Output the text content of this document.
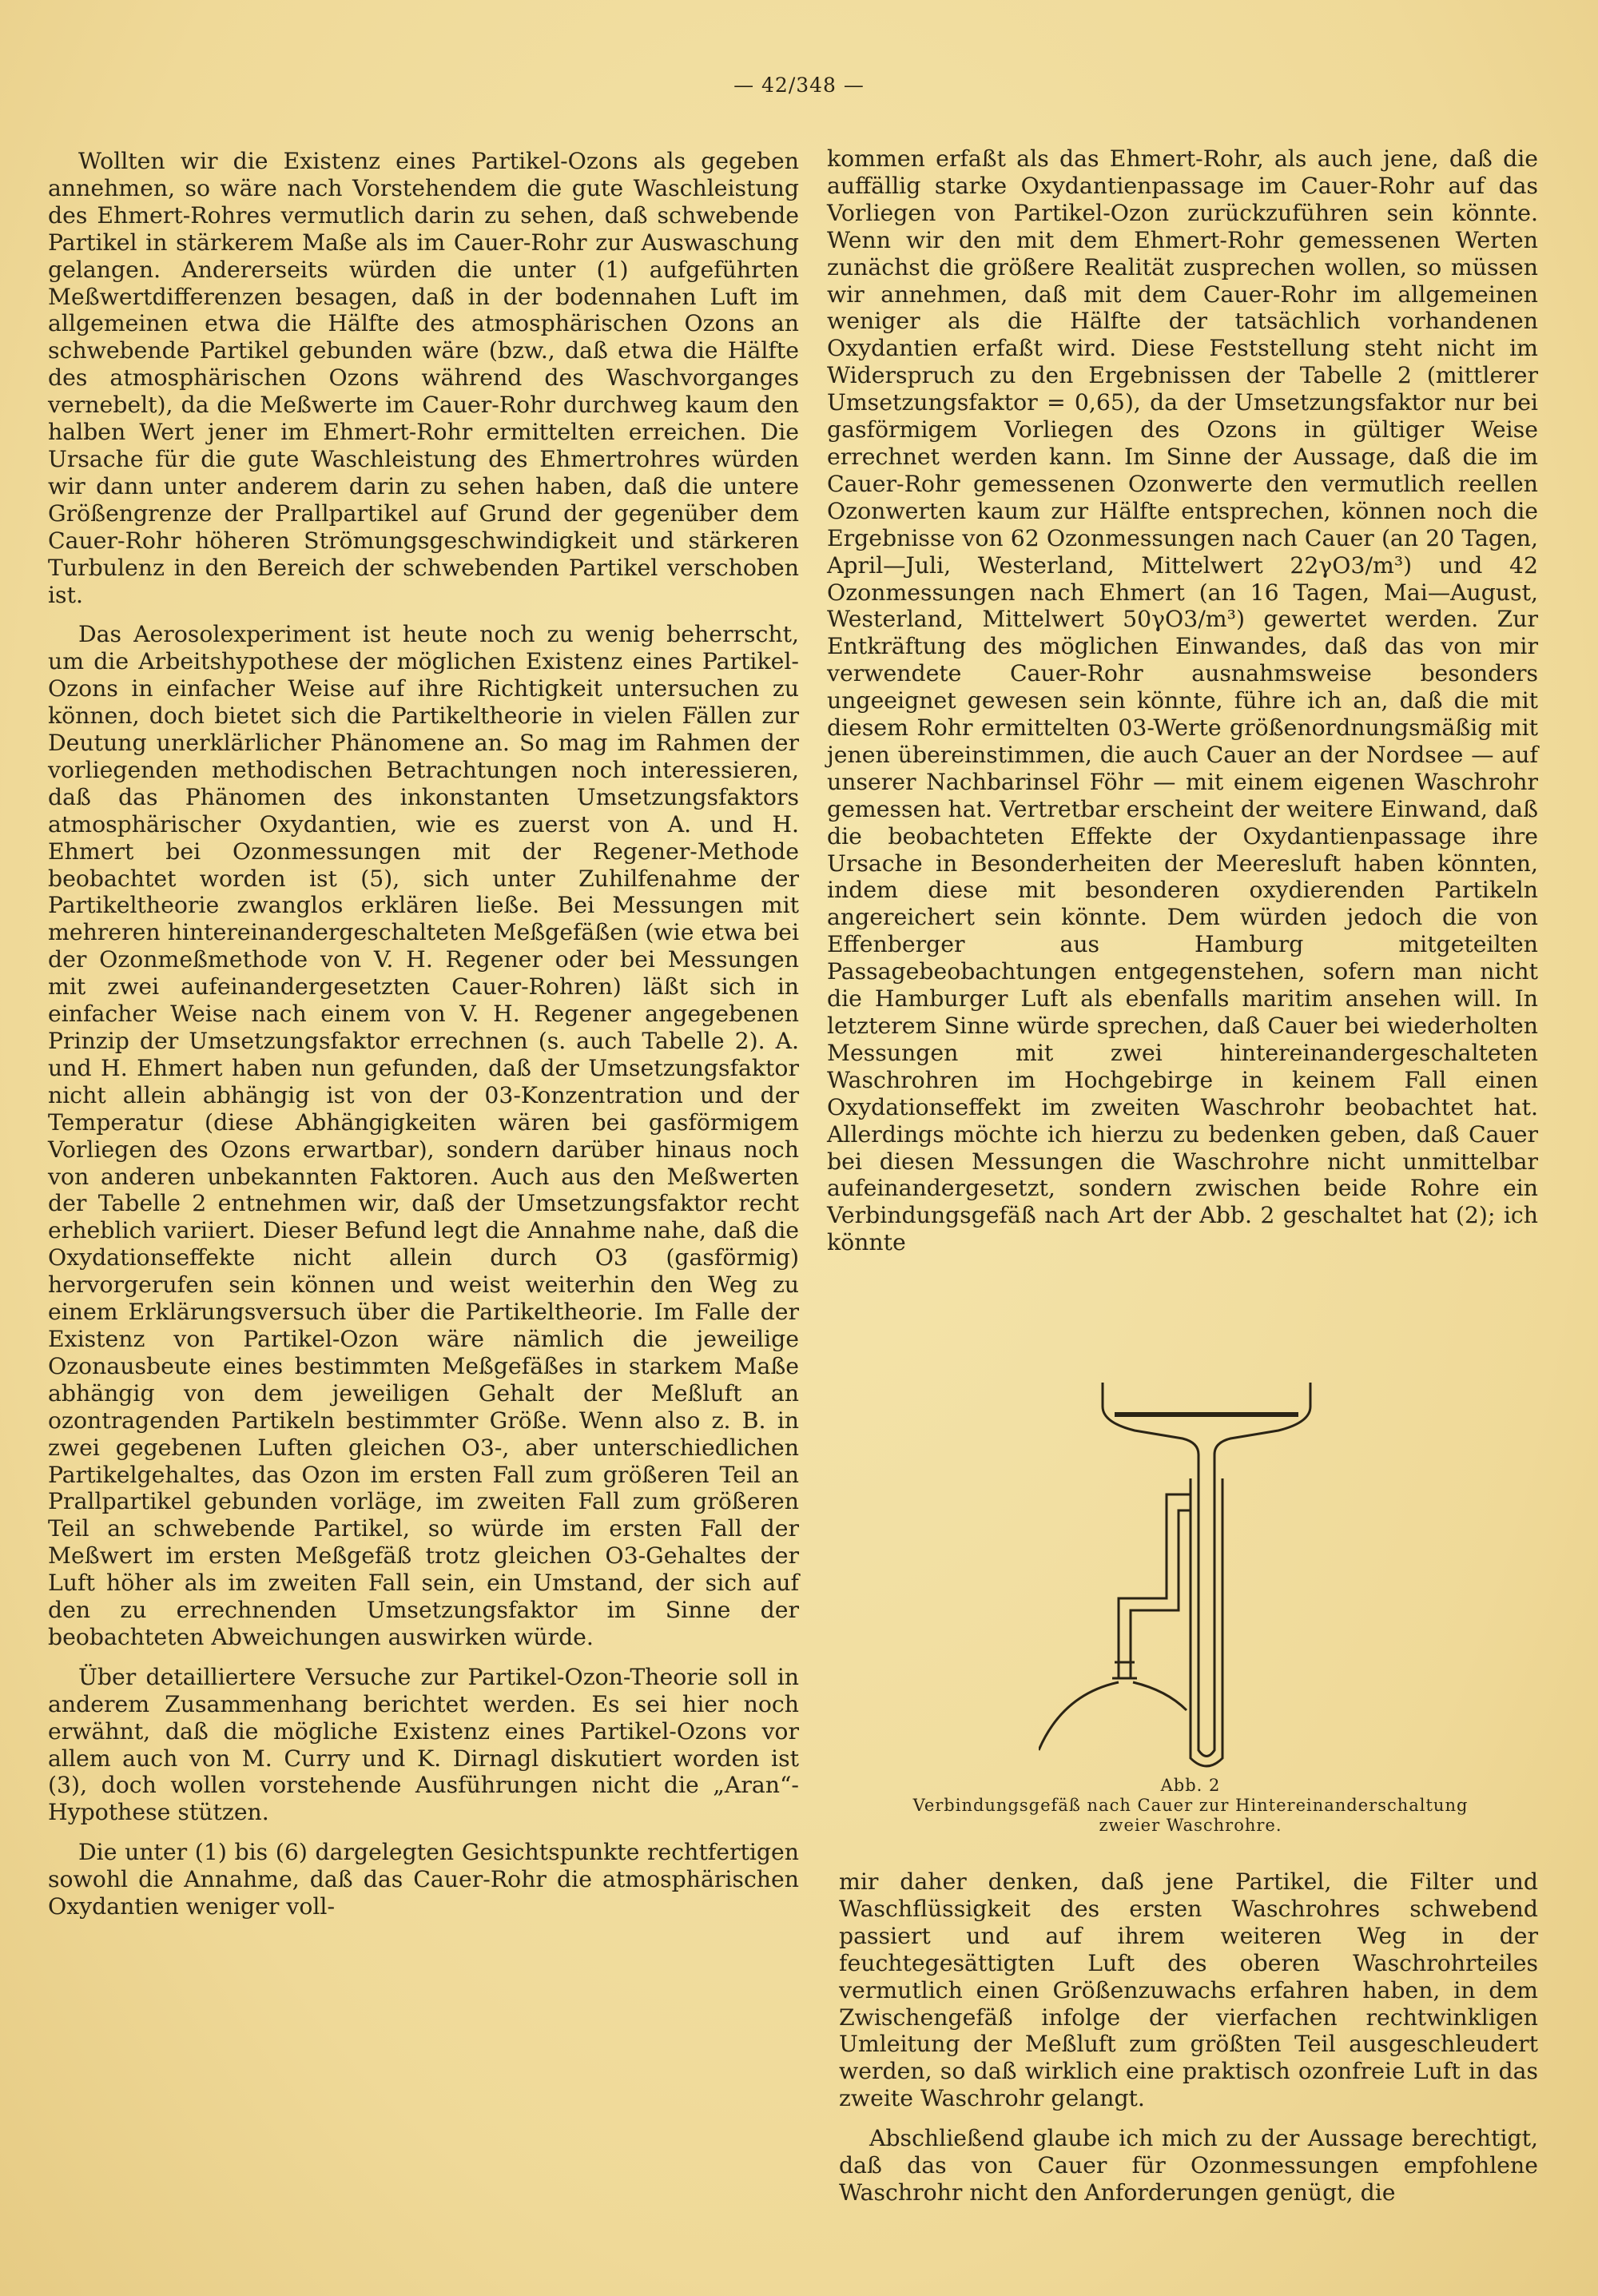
— 42/348 —

Wollten wir die Existenz eines Partikel-Ozons als gegeben annehmen, so wäre nach Vorstehendem die gute Waschleistung des Ehmert-Rohres vermutlich darin zu sehen, daß schwebende Partikel in stärkerem Maße als im Cauer-Rohr zur Auswaschung gelangen. Andererseits würden die unter (1) aufgeführten Meßwertdifferenzen besagen, daß in der bodennahen Luft im allgemeinen etwa die Hälfte des atmosphärischen Ozons an schwebende Partikel gebunden wäre (bzw., daß etwa die Hälfte des atmosphärischen Ozons während des Waschvorganges vernebelt), da die Meßwerte im Cauer-Rohr durchweg kaum den halben Wert jener im Ehmert-Rohr ermittelten erreichen. Die Ursache für die gute Waschleistung des Ehmertrohres würden wir dann unter anderem darin zu sehen haben, daß die untere Größengrenze der Prallpartikel auf Grund der gegenüber dem Cauer-Rohr höheren Strömungsgeschwindigkeit und stärkeren Turbulenz in den Bereich der schwebenden Partikel verschoben ist.

Das Aerosolexperiment ist heute noch zu wenig beherrscht, um die Arbeitshypothese der möglichen Existenz eines Partikel-Ozons in einfacher Weise auf ihre Richtigkeit untersuchen zu können, doch bietet sich die Partikeltheorie in vielen Fällen zur Deutung unerklärlicher Phänomene an. So mag im Rahmen der vorliegenden methodischen Betrachtungen noch interessieren, daß das Phänomen des inkonstanten Umsetzungsfaktors atmosphärischer Oxydantien, wie es zuerst von A. und H. Ehmert bei Ozonmessungen mit der Regener-Methode beobachtet worden ist (5), sich unter Zuhilfenahme der Partikeltheorie zwanglos erklären ließe. Bei Messungen mit mehreren hintereinandergeschalteten Meßgefäßen (wie etwa bei der Ozonmeßmethode von V. H. Regener oder bei Messungen mit zwei aufeinandergesetzten Cauer-Rohren) läßt sich in einfacher Weise nach einem von V. H. Regener angegebenen Prinzip der Umsetzungsfaktor errechnen (s. auch Tabelle 2). A. und H. Ehmert haben nun gefunden, daß der Umsetzungsfaktor nicht allein abhängig ist von der 03-Konzentration und der Temperatur (diese Abhängigkeiten wären bei gasförmigem Vorliegen des Ozons erwartbar), sondern darüber hinaus noch von anderen unbekannten Faktoren. Auch aus den Meßwerten der Tabelle 2 entnehmen wir, daß der Umsetzungsfaktor recht erheblich variiert. Dieser Befund legt die Annahme nahe, daß die Oxydationseffekte nicht allein durch O3 (gasförmig) hervorgerufen sein können und weist weiterhin den Weg zu einem Erklärungsversuch über die Partikeltheorie. Im Falle der Existenz von Partikel-Ozon wäre nämlich die jeweilige Ozonausbeute eines bestimmten Meßgefäßes in starkem Maße abhängig von dem jeweiligen Gehalt der Meßluft an ozontragenden Partikeln bestimmter Größe. Wenn also z. B. in zwei gegebenen Luften gleichen O3-, aber unterschiedlichen Partikelgehaltes, das Ozon im ersten Fall zum größeren Teil an Prallpartikel gebunden vorläge, im zweiten Fall zum größeren Teil an schwebende Partikel, so würde im ersten Fall der Meßwert im ersten Meßgefäß trotz gleichen O3-Gehaltes der Luft höher als im zweiten Fall sein, ein Umstand, der sich auf den zu errechnenden Umsetzungsfaktor im Sinne der beobachteten Abweichungen auswirken würde.

Über detailliertere Versuche zur Partikel-Ozon-Theorie soll in anderem Zusammenhang berichtet werden. Es sei hier noch erwähnt, daß die mögliche Existenz eines Partikel-Ozons vor allem auch von M. Curry und K. Dirnagl diskutiert worden ist (3), doch wollen vorstehende Ausführungen nicht die „Aran“-Hypothese stützen.

Die unter (1) bis (6) dargelegten Gesichtspunkte rechtfertigen sowohl die Annahme, daß das Cauer-Rohr die atmosphärischen Oxydantien weniger voll-

kommen erfaßt als das Ehmert-Rohr, als auch jene, daß die auffällig starke Oxydantienpassage im Cauer-Rohr auf das Vorliegen von Partikel-Ozon zurückzuführen sein könnte. Wenn wir den mit dem Ehmert-Rohr gemessenen Werten zunächst die größere Realität zusprechen wollen, so müssen wir annehmen, daß mit dem Cauer-Rohr im allgemeinen weniger als die Hälfte der tatsächlich vorhandenen Oxydantien erfaßt wird. Diese Feststellung steht nicht im Widerspruch zu den Ergebnissen der Tabelle 2 (mittlerer Umsetzungsfaktor = 0,65), da der Umsetzungsfaktor nur bei gasförmigem Vorliegen des Ozons in gültiger Weise errechnet werden kann. Im Sinne der Aussage, daß die im Cauer-Rohr gemessenen Ozonwerte den vermutlich reellen Ozonwerten kaum zur Hälfte entsprechen, können noch die Ergebnisse von 62 Ozonmessungen nach Cauer (an 20 Tagen, April—Juli, Westerland, Mittelwert 22γO3/m³) und 42 Ozonmessungen nach Ehmert (an 16 Tagen, Mai—August, Westerland, Mittelwert 50γO3/m³) gewertet werden. Zur Entkräftung des möglichen Einwandes, daß das von mir verwendete Cauer-Rohr ausnahmsweise besonders ungeeignet gewesen sein könnte, führe ich an, daß die mit diesem Rohr ermittelten 03-Werte größenordnungsmäßig mit jenen übereinstimmen, die auch Cauer an der Nordsee — auf unserer Nachbarinsel Föhr — mit einem eigenen Waschrohr gemessen hat. Vertretbar erscheint der weitere Einwand, daß die beobachteten Effekte der Oxydantienpassage ihre Ursache in Besonderheiten der Meeresluft haben könnten, indem diese mit besonderen oxydierenden Partikeln angereichert sein könnte. Dem würden jedoch die von Effenberger aus Hamburg mitgeteilten Passagebeobachtungen entgegenstehen, sofern man nicht die Hamburger Luft als ebenfalls maritim ansehen will. In letzterem Sinne würde sprechen, daß Cauer bei wiederholten Messungen mit zwei hintereinandergeschalteten Waschrohren im Hochgebirge in keinem Fall einen Oxydationseffekt im zweiten Waschrohr beobachtet hat. Allerdings möchte ich hierzu zu bedenken geben, daß Cauer bei diesen Messungen die Waschrohre nicht unmittelbar aufeinandergesetzt, sondern zwischen beide Rohre ein Verbindungsgefäß nach Art der Abb. 2 geschaltet hat (2); ich könnte

Abb. 2
Verbindungsgefäß nach Cauer zur Hintereinanderschaltung
zweier Waschrohre.

mir daher denken, daß jene Partikel, die Filter und Waschflüssigkeit des ersten Waschrohres schwebend passiert und auf ihrem weiteren Weg in der feuchtegesättigten Luft des oberen Waschrohrteiles vermutlich einen Größenzuwachs erfahren haben, in dem Zwischengefäß infolge der vierfachen rechtwinkligen Umleitung der Meßluft zum größten Teil ausgeschleudert werden, so daß wirklich eine praktisch ozonfreie Luft in das zweite Waschrohr gelangt.

Abschließend glaube ich mich zu der Aussage berechtigt, daß das von Cauer für Ozonmessungen empfohlene Waschrohr nicht den Anforderungen genügt, die
